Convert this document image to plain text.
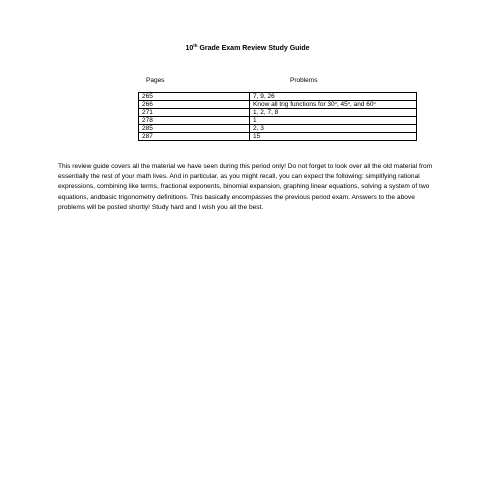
10th Grade Exam Review Study Guide
Pages	Problems
265	7, 9, 26
266	Know all trig functions for 30$^o$, 45$^o$, and 60$^o$
271	1, 2, 7, 8
278	1
285	2, 3
287	15

This review guide covers all the material we have seen during this period only! Do not forget to look over all the old material from essentially the rest of your math lives. And in particular, as you might recall, you can expect the following: simplifying rational expressions, combining like terms, fractional exponents, binomial expansion, graphing linear equations, solving a system of two equations, andbasic trigonometry definitions. This basically encompasses the previous period exam. Answers to the above problems will be posted shortly! Study hard and I wish you all the best.
